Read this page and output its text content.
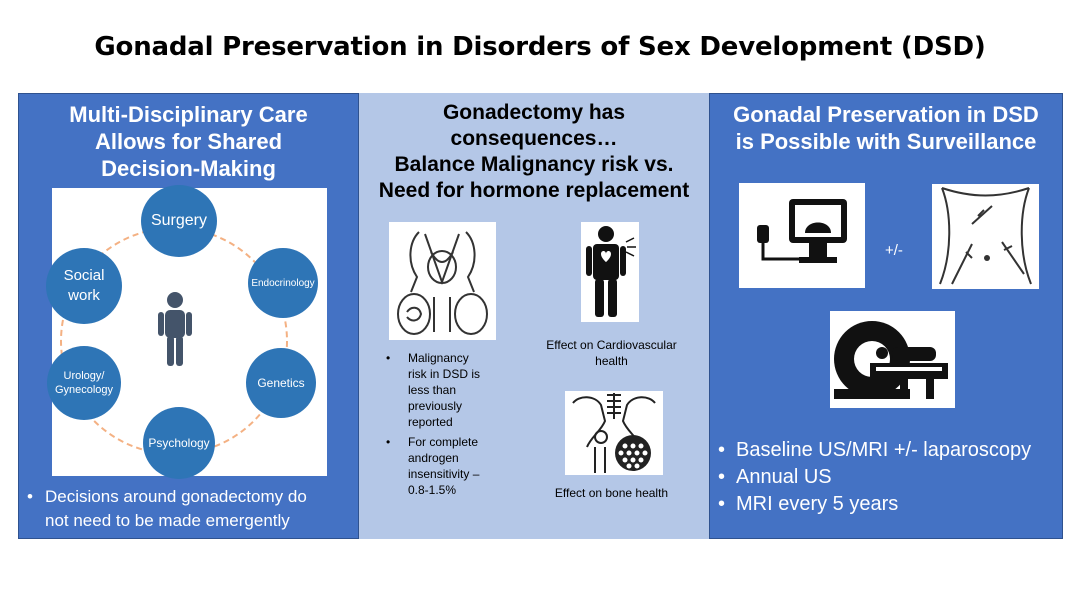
Gonadal Preservation in Disorders of Sex Development (DSD)
Multi-Disciplinary Care
Allows for Shared
Decision-Making
Surgery
Endocrinology
Genetics
Psychology
Urology/
Gynecology
Social
work
• Decisions around gonadectomy do
not need to be made emergently
Gonadectomy has
consequences…
Balance Malignancy risk vs.
Need for hormone replacement
• Malignancy
risk in DSD is
less than
previously
reported
• For complete
androgen
insensitivity –
0.8-1.5%
Effect on Cardiovascular
health
Effect on bone health
Gonadal Preservation in DSD
is Possible with Surveillance
+/-
• Baseline US/MRI +/- laparoscopy
• Annual US
• MRI every 5 years
